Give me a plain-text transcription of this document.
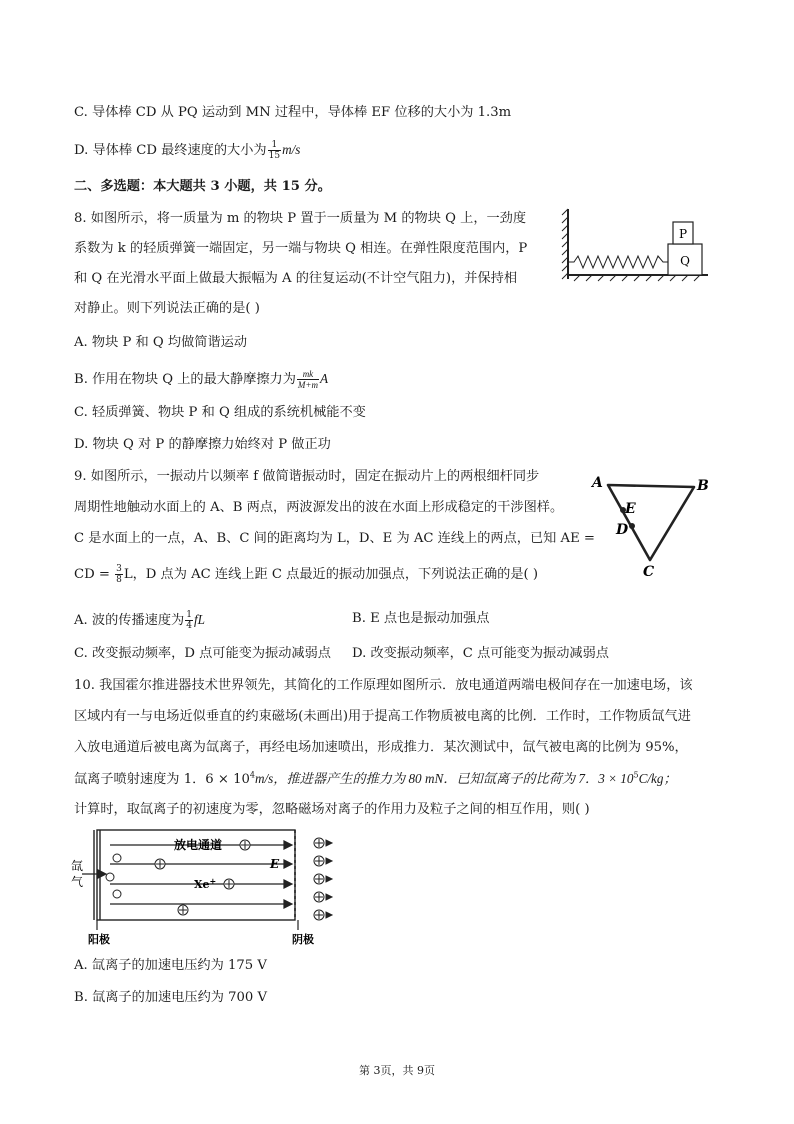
C. 导体棒 CD 从 PQ 运动到 MN 过程中，导体棒 EF 位移的大小为 1.3m
D. 导体棒 CD 最终速度的大小为 $\frac{1}{15} m/s$
二、多选题：本大题共 3 小题，共 15 分。
8. 如图所示，将一质量为 m 的物块 P 置于一质量为 M 的物块 Q 上，一劲度
系数为 k 的轻质弹簧一端固定，另一端与物块 Q 相连。在弹性限度范围内，P
和 Q 在光滑水平面上做最大振幅为 A 的往复运动(不计空气阻力)，并保持相
对静止。则下列说法正确的是( )
A. 物块 P 和 Q 均做简谐运动
B. 作用在物块 Q 上的最大静摩擦力为 $\frac{mk}{M+m}$ A
C. 轻质弹簧、物块 P 和 Q 组成的系统机械能不变
D. 物块 Q 对 P 的静摩擦力始终对 P 做正功
P
Q
9. 如图所示，一振动片以频率 f 做简谐振动时，固定在振动片上的两根细杆同步
周期性地触动水面上的 A、B 两点，两波源发出的波在水面上形成稳定的干涉图样。
C 是水面上的一点，A、B、C 间的距离均为 L，D、E 为 AC 连线上的两点，已知 AE =
CD = $\frac{3}{8}$ L，D 点为 AC 连线上距 C 点最近的振动加强点，下列说法正确的是( )
A. 波的传播速度为 $\frac{1}{4}$ fL	B. E 点也是振动加强点
C. 改变振动频率，D 点可能变为振动减弱点 D. 改变振动频率，C 点可能变为振动减弱点
A	B
C
D
E
10. 我国霍尔推进器技术世界领先，其简化的工作原理如图所示．放电通道两端电极间存在一加速电场，该
区域内有一与电场近似垂直的约束磁场(未画出)用于提高工作物质被电离的比例．工作时，工作物质氙气进
入放电通道后被电离为氙离子，再经电场加速喷出，形成推力．某次测试中，氙气被电离的比例为 95%，
氙离子喷射速度为 1．$6 \times 10^4m/s$，推进器产生的推力为 80 mN．已知氙离子的比荷为 7．$3 \times 10^5C/kg$；
计算时，取氙离子的初速度为零，忽略磁场对离子的作用力及粒子之间的相互作用，则( )
放电通道
E
Xe+
氙
气
阳极	阴极
A. 氙离子的加速电压约为 175 V
B. 氙离子的加速电压约为 700 V
第 3页，共 9页
